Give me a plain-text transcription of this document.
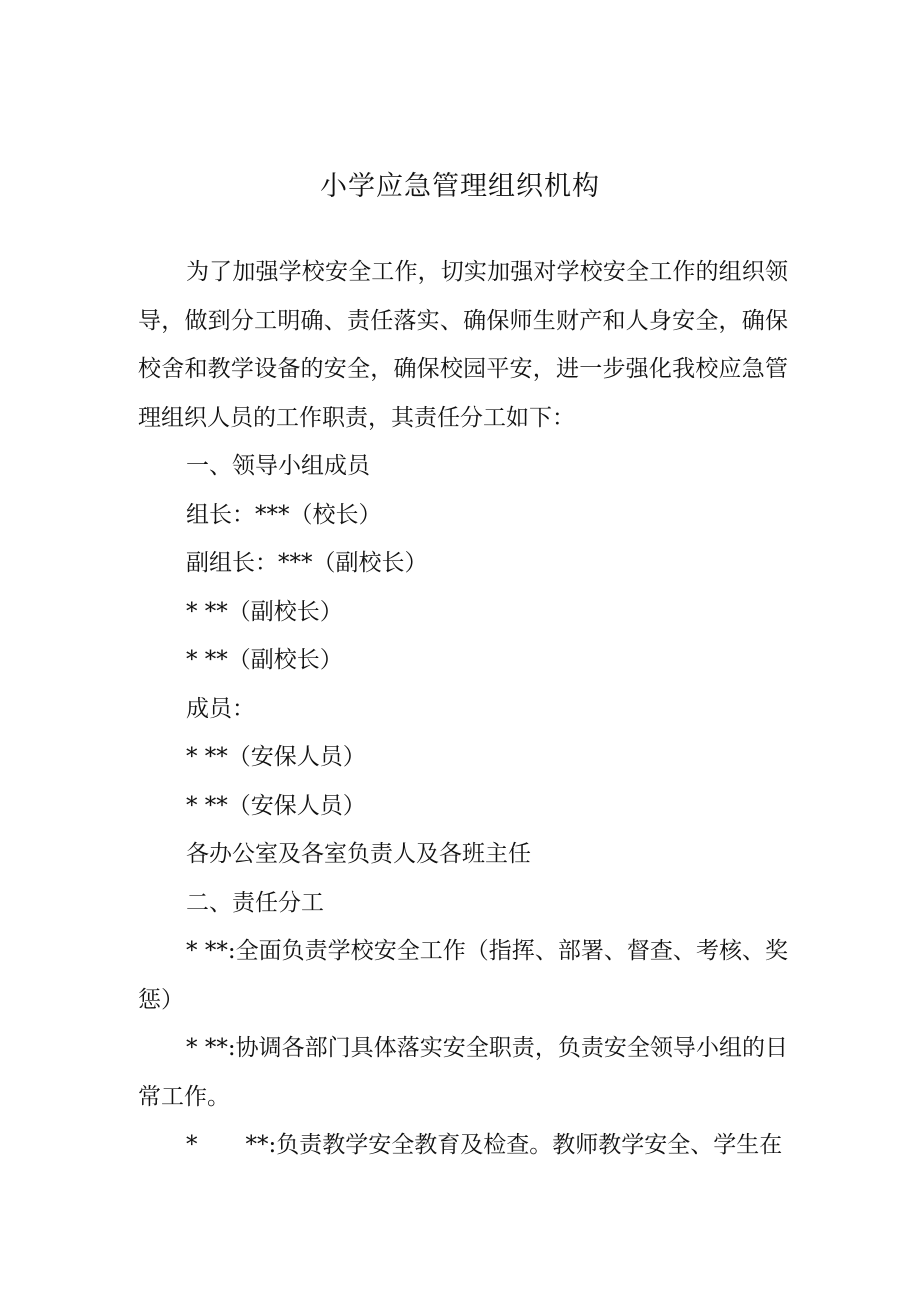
小学应急管理组织机构

为了加强学校安全工作，切实加强对学校安全工作的组织领导，做到分工明确、责任落实、确保师生财产和人身安全，确保校舍和教学设备的安全，确保校园平安，进一步强化我校应急管理组织人员的工作职责，其责任分工如下：

一、领导小组成员

组长：***（校长）

副组长：***（副校长）

* **（副校长）

* **（副校长）

成员：

* **（安保人员）

* **（安保人员）

各办公室及各室负责人及各班主任

二、责任分工

* **:全面负责学校安全工作（指挥、部署、督查、考核、奖惩）

* **:协调各部门具体落实安全职责，负责安全领导小组的日常工作。

* **:负责教学安全教育及检查。教师教学安全、学生在
